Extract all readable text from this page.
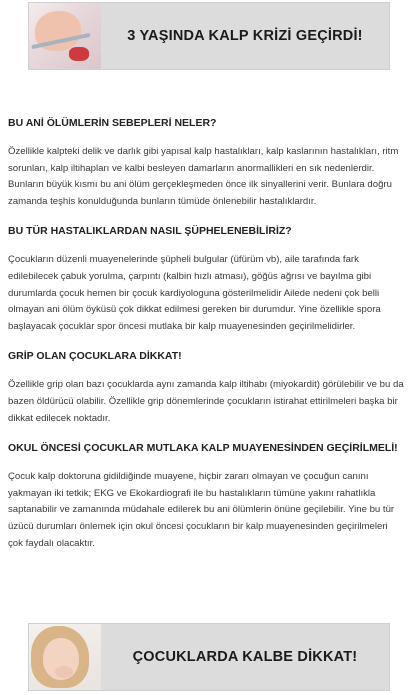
3 YAŞINDA KALP KRİZİ GEÇİRDİ!
BU ANİ ÖLÜMLERİN SEBEPLERİ NELER?
Özellikle kalpteki delik ve darlık gibi yapısal kalp hastalıkları, kalp kaslarının hastalıkları, ritm sorunları, kalp iltihapları ve kalbi besleyen damarların anormallikleri en sık nedenlerdir. Bunların büyük kısmı bu ani ölüm gerçekleşmeden önce ilk sinyallerini verir. Bunlara doğru zamanda teşhis konulduğunda bunların tümüde önlenebilir hastalıklardır.
BU TÜR HASTALIKLARDAN NASIL ŞÜPHELENEBİLİRİZ?
Çocukların düzenli muayenelerinde şüpheli bulgular (üfürüm vb), aile tarafında fark edilebilecek çabuk yorulma, çarpıntı (kalbin hızlı atması), göğüs ağrısı ve bayılma gibi durumlarda çocuk hemen bir çocuk kardiyologuna gösterilmelidir Ailede nedeni çok belli olmayan ani ölüm öyküsü çok dikkat edilmesi gereken bir durumdur. Yine özellikle spora başlayacak çocuklar spor öncesi mutlaka bir kalp muayenesinden geçirilmelidirler.
GRİP OLAN ÇOCUKLARA DİKKAT!
Özellikle grip olan bazı çocuklarda aynı zamanda kalp iltihabı (miyokardit) görülebilir ve bu da bazen öldürücü olabilir. Özellikle grip dönemlerinde çocukların istirahat ettirilmeleri başka bir dikkat edilecek noktadır.
OKUL ÖNCESİ ÇOCUKLAR MUTLAKA KALP MUAYENESİNDEN GEÇİRİLMELİ!
Çocuk kalp doktoruna gidildiğinde muayene, hiçbir zararı olmayan ve çocuğun canını yakmayan iki tetkik; EKG ve Ekokardiografi ile bu hastalıkların tümüne yakını rahatlıkla saptanabilir ve zamanında müdahale edilerek bu ani ölümlerin önüne geçilebilir. Yine bu tür üzücü durumları önlemek için okul öncesi çocukların bir kalp muayenesinden geçirilmeleri çok faydalı olacaktır.
ÇOCUKLARDA KALBE DİKKAT!
